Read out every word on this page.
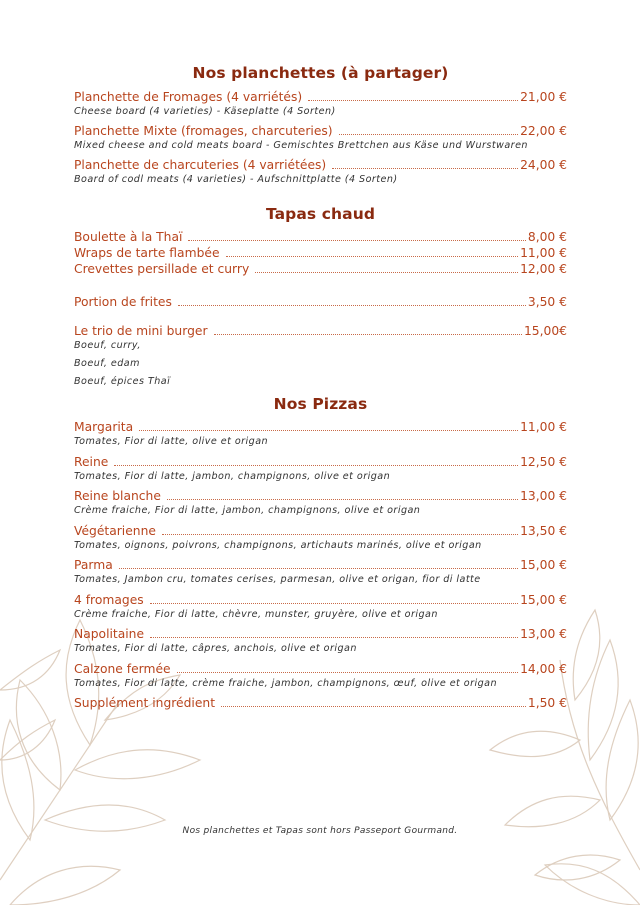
Nos planchettes (à partager)
Planchette de Fromages (4 varriétés)	21,00 €
Cheese board (4 varieties) - Käseplatte (4 Sorten)
Planchette Mixte (fromages, charcuteries)	22,00 €
Mixed cheese and cold meats board - Gemischtes Brettchen aus Käse und Wurstwaren
Planchette de charcuteries (4 varriétées)	24,00 €
Board of codl meats (4 varieties) - Aufschnittplatte (4 Sorten)
Tapas chaud
Boulette à la Thaï	8,00 €
Wraps de tarte flambée	11,00 €
Crevettes persillade et curry	12,00 €
Portion de frites	3,50 €
Le trio de mini burger	15,00€
Boeuf, curry,
Boeuf, edam
Boeuf, épices Thaï
Nos Pizzas
Margarita	11,00 €
Tomates, Fior di latte, olive et origan
Reine	12,50 €
Tomates, Fior di latte, jambon, champignons, olive et origan
Reine blanche	13,00 €
Crème fraiche, Fior di latte, jambon, champignons, olive et origan
Végétarienne	13,50 €
Tomates, oignons, poivrons, champignons, artichauts marinés, olive et origan
Parma	15,00 €
Tomates, Jambon cru, tomates cerises, parmesan, olive et origan, fior di latte
4 fromages	15,00 €
Crème fraiche, Fior di latte, chèvre, munster, gruyère, olive et origan
Napolitaine	13,00 €
Tomates, Fior di latte, câpres, anchois, olive et origan
Calzone fermée	14,00 €
Tomates, Fior di latte, crème fraiche, jambon, champignons, œuf, olive et origan
Supplément ingrédient	1,50 €
Nos planchettes et Tapas sont hors Passeport Gourmand.
